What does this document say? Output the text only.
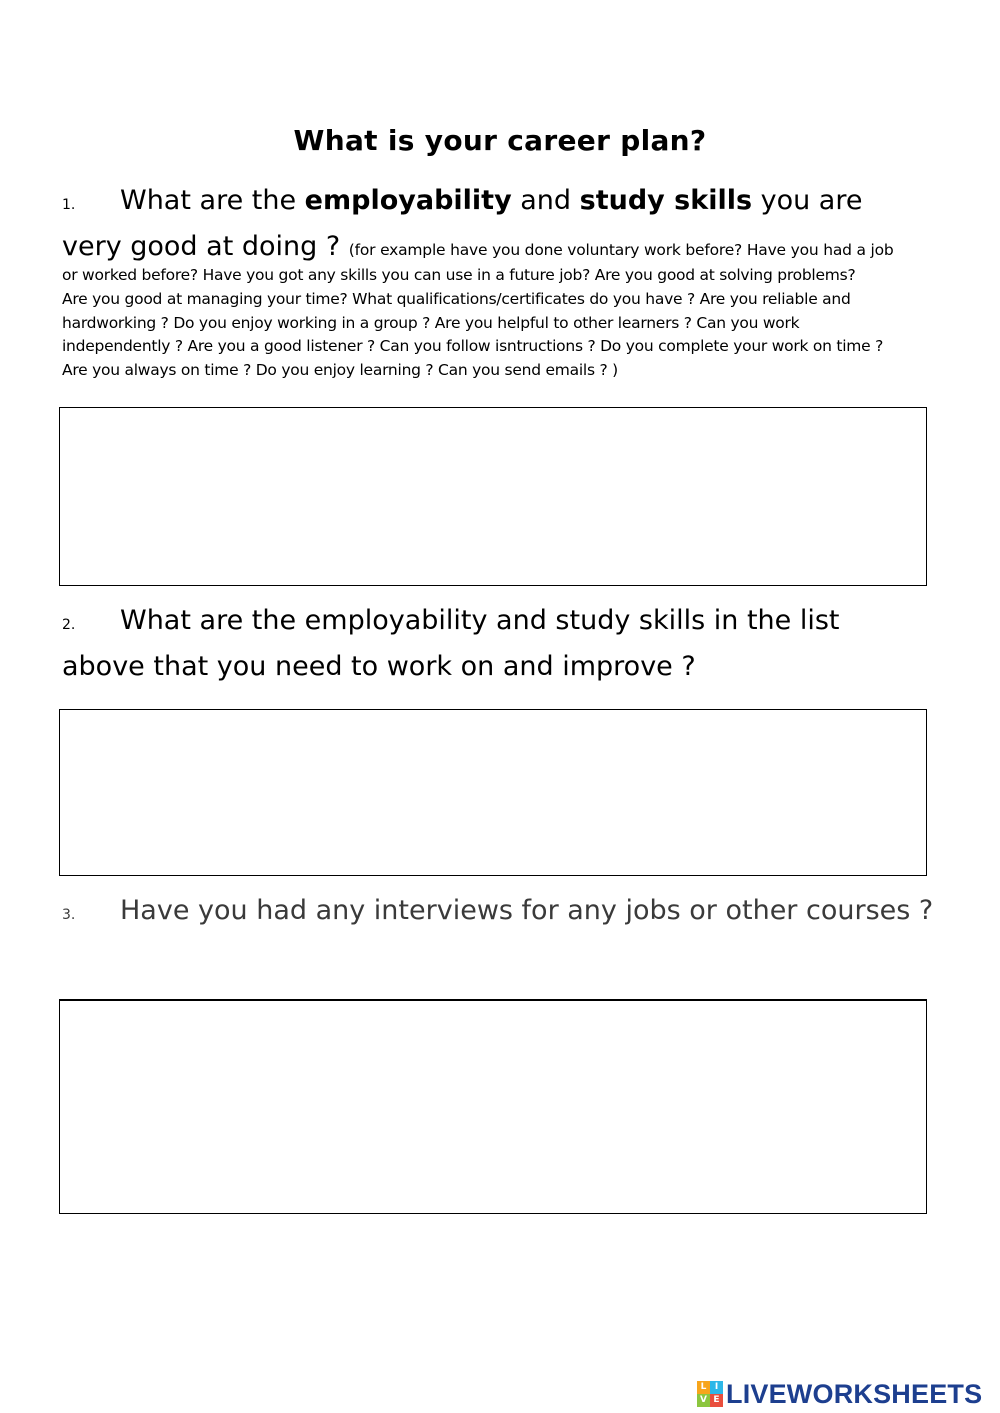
What is your career plan?
1. What are the employability and study skills you are
very good at doing ? (for example have you done voluntary work before? Have you had a job
or worked before? Have you got any skills you can use in a future job? Are you good at solving problems?
Are you good at managing your time? What qualifications/certificates do you have ? Are you reliable and
hardworking ? Do you enjoy working in a group ? Are you helpful to other learners ? Can you work
independently ? Are you a good listener ? Can you follow isntructions ? Do you complete your work on time ?
Are you always on time ? Do you enjoy learning ? Can you send emails ? )
2. What are the employability and study skills in the list
above that you need to work on and improve ?
3. Have you had any interviews for any jobs or other courses ?
L I
V E LIVEWORKSHEETS
